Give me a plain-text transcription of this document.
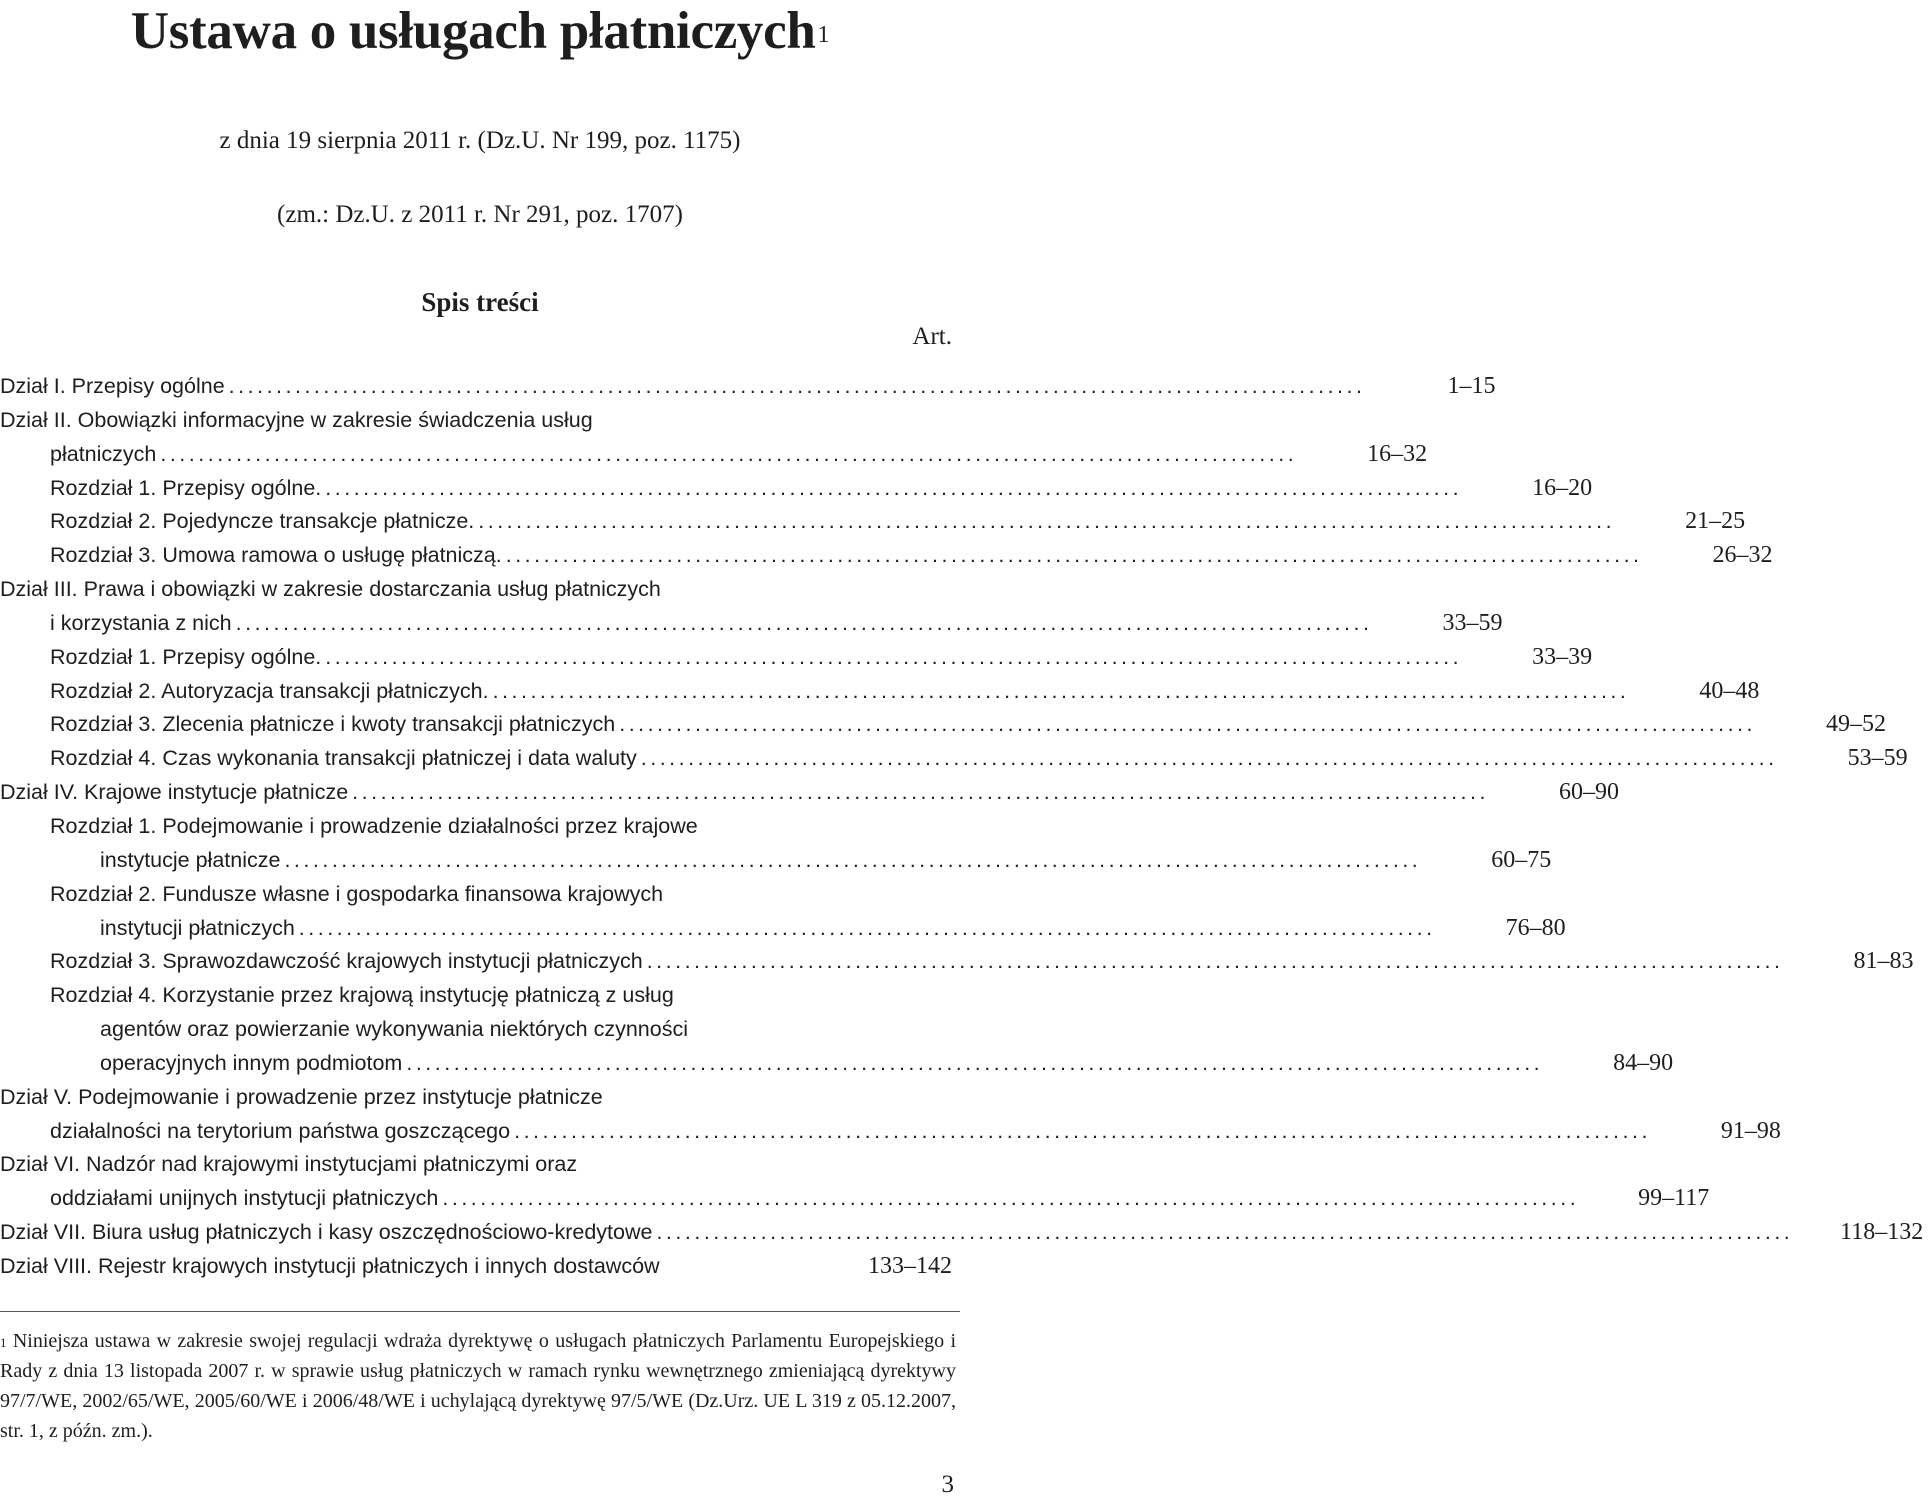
Ustawa o usługach płatniczych$^1$
z dnia 19 sierpnia 2011 r. (Dz.U. Nr 199, poz. 1175)
(zm.: Dz.U. z 2011 r. Nr 291, poz. 1707)
Spis treści
Art.
Dział I. Przepisy ogólne ........................................................................................................................	1–15
Dział II. Obowiązki informacyjne w zakresie świadczenia usług
płatniczych ........................................................................................................................	16–32
Rozdział 1. Przepisy ogólne. ........................................................................................................................	16–20
Rozdział 2. Pojedyncze transakcje płatnicze. ........................................................................................................................	21–25
Rozdział 3. Umowa ramowa o usługę płatniczą. ........................................................................................................................	26–32
Dział III. Prawa i obowiązki w zakresie dostarczania usług płatniczych
i korzystania z nich ........................................................................................................................	33–59
Rozdział 1. Przepisy ogólne. ........................................................................................................................	33–39
Rozdział 2. Autoryzacja transakcji płatniczych. ........................................................................................................................	40–48
Rozdział 3. Zlecenia płatnicze i kwoty transakcji płatniczych ........................................................................................................................	49–52
Rozdział 4. Czas wykonania transakcji płatniczej i data waluty ........................................................................................................................	53–59
Dział IV. Krajowe instytucje płatnicze ........................................................................................................................	60–90
Rozdział 1. Podejmowanie i prowadzenie działalności przez krajowe
instytucje płatnicze ........................................................................................................................	60–75
Rozdział 2. Fundusze własne i gospodarka finansowa krajowych
instytucji płatniczych ........................................................................................................................	76–80
Rozdział 3. Sprawozdawczość krajowych instytucji płatniczych ........................................................................................................................	81–83
Rozdział 4. Korzystanie przez krajową instytucję płatniczą z usług
agentów oraz powierzanie wykonywania niektórych czynności
operacyjnych innym podmiotom ........................................................................................................................	84–90
Dział V. Podejmowanie i prowadzenie przez instytucje płatnicze
działalności na terytorium państwa goszczącego ........................................................................................................................	91–98
Dział VI. Nadzór nad krajowymi instytucjami płatniczymi oraz
oddziałami unijnych instytucji płatniczych ........................................................................................................................	99–117
Dział VII. Biura usług płatniczych i kasy oszczędnościowo-kredytowe ........................................................................................................................	118–132
Dział VIII. Rejestr krajowych instytucji płatniczych i innych dostawców	133–142
$^1$ Niniejsza ustawa w zakresie swojej regulacji wdraża dyrektywę o usługach płatniczych Parlamentu Europejskiego i Rady z dnia 13 listopada 2007 r. w sprawie usług płatniczych w ramach rynku wewnętrznego zmieniającą dyrektywy 97/7/WE, 2002/65/WE, 2005/60/WE i 2006/48/WE i uchylającą dyrektywę 97/5/WE (Dz.Urz. UE L 319 z 05.12.2007, str. 1, z późn. zm.).
3
